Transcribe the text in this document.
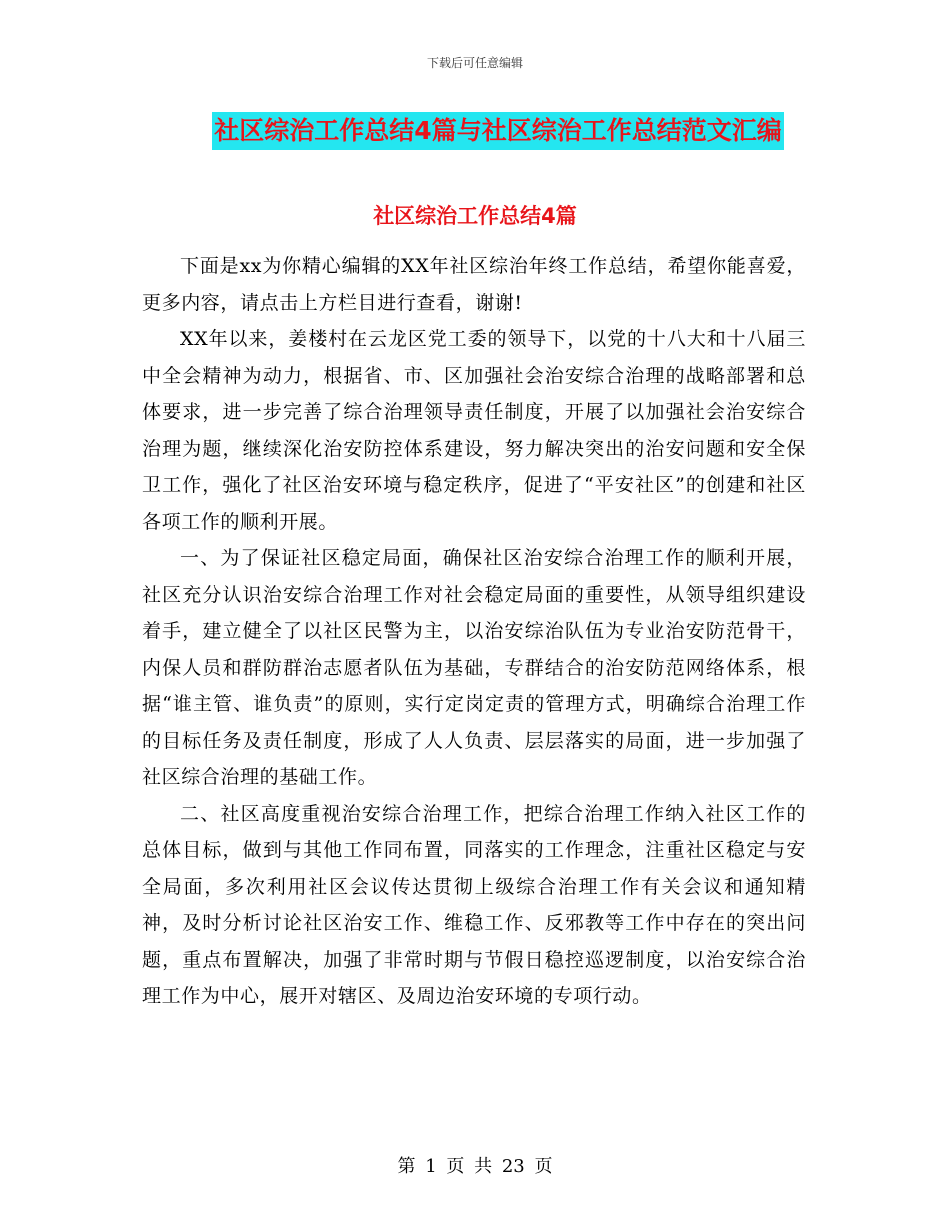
下载后可任意编辑
社区综治工作总结4篇与社区综治工作总结范文汇编
社区综治工作总结4篇

下面是xx为你精心编辑的XX年社区综治年终工作总结，希望你能喜爱，更多内容，请点击上方栏目进行查看，谢谢!

XX年以来，姜楼村在云龙区党工委的领导下，以党的十八大和十八届三中全会精神为动力，根据省、市、区加强社会治安综合治理的战略部署和总体要求，进一步完善了综合治理领导责任制度，开展了以加强社会治安综合治理为题，继续深化治安防控体系建设，努力解决突出的治安问题和安全保卫工作，强化了社区治安环境与稳定秩序，促进了“平安社区”的创建和社区各项工作的顺利开展。

一、为了保证社区稳定局面，确保社区治安综合治理工作的顺利开展，社区充分认识治安综合治理工作对社会稳定局面的重要性，从领导组织建设着手，建立健全了以社区民警为主，以治安综治队伍为专业治安防范骨干，内保人员和群防群治志愿者队伍为基础，专群结合的治安防范网络体系，根据“谁主管、谁负责”的原则，实行定岗定责的管理方式，明确综合治理工作的目标任务及责任制度，形成了人人负责、层层落实的局面，进一步加强了社区综合治理的基础工作。

二、社区高度重视治安综合治理工作，把综合治理工作纳入社区工作的总体目标，做到与其他工作同布置，同落实的工作理念，注重社区稳定与安全局面，多次利用社区会议传达贯彻上级综合治理工作有关会议和通知精神，及时分析讨论社区治安工作、维稳工作、反邪教等工作中存在的突出问题，重点布置解决，加强了非常时期与节假日稳控巡逻制度，以治安综合治理工作为中心，展开对辖区、及周边治安环境的专项行动。

第 1 页 共 23 页
